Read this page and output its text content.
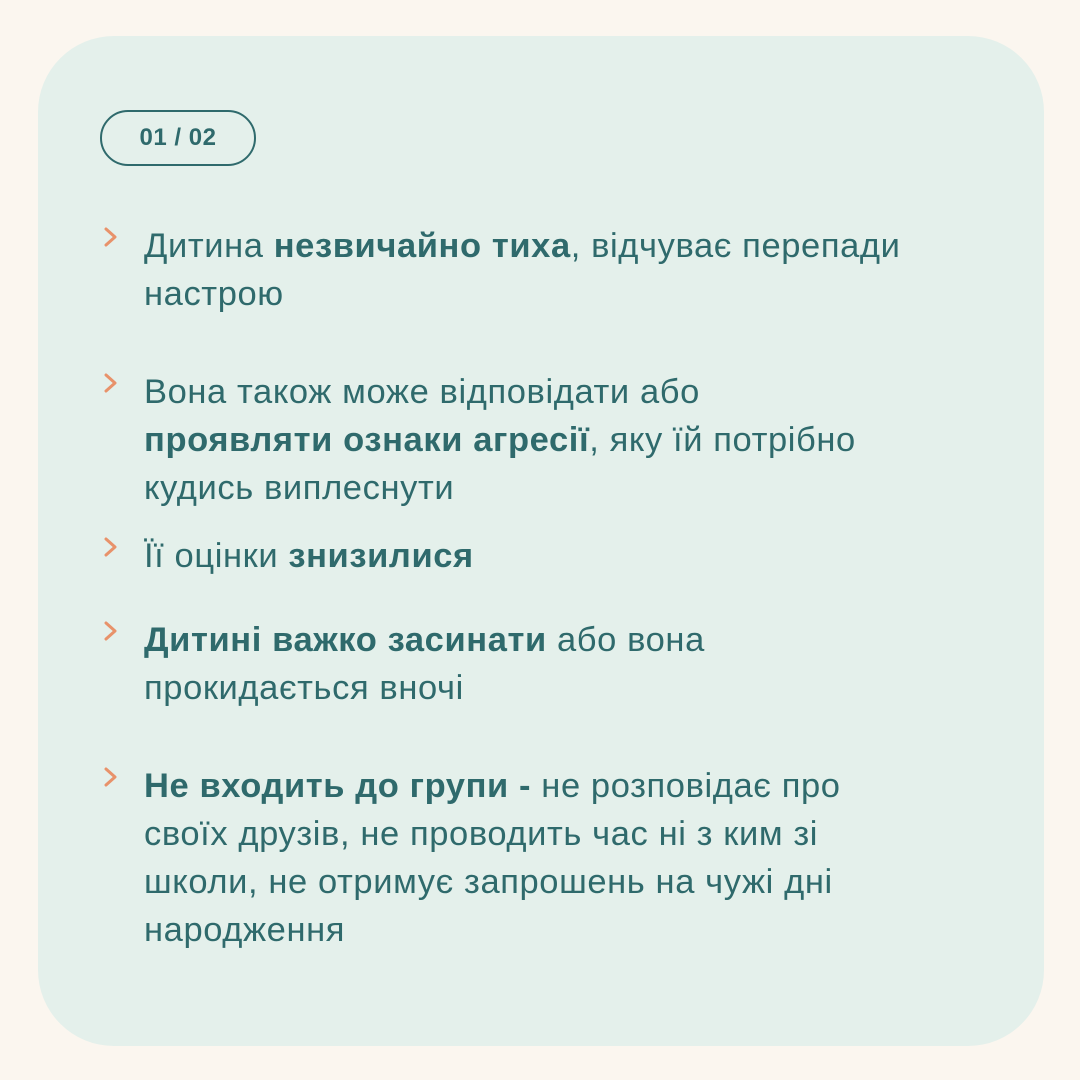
01 / 02
Дитина незвичайно тиха, відчуває перепади
настрою
Вона також може відповідати або
проявляти ознаки агресії, яку їй потрібно
кудись виплеснути
Її оцінки знизилися
Дитині важко засинати або вона
прокидається вночі
Не входить до групи - не розповідає про
своїх друзів, не проводить час ні з ким зі
школи, не отримує запрошень на чужі дні
народження
